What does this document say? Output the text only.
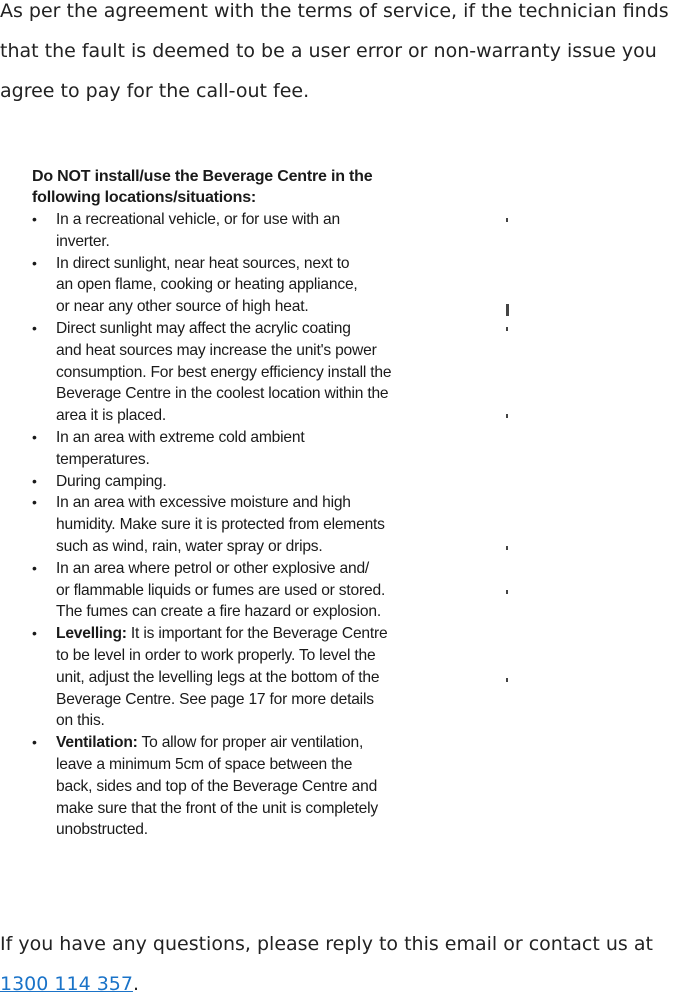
As per the agreement with the terms of service, if the technician finds that the fault is deemed to be a user error or non-warranty issue you agree to pay for the call-out fee.

Do NOT install/use the Beverage Centre in the
following locations/situations:
• In a recreational vehicle, or for use with an
inverter.
• In direct sunlight, near heat sources, next to
an open flame, cooking or heating appliance,
or near any other source of high heat.
• Direct sunlight may affect the acrylic coating
and heat sources may increase the unit's power
consumption. For best energy efficiency install the
Beverage Centre in the coolest location within the
area it is placed.
• In an area with extreme cold ambient
temperatures.
• During camping.
• In an area with excessive moisture and high
humidity. Make sure it is protected from elements
such as wind, rain, water spray or drips.
• In an area where petrol or other explosive and/
or flammable liquids or fumes are used or stored.
The fumes can create a fire hazard or explosion.
• Levelling: It is important for the Beverage Centre
to be level in order to work properly. To level the
unit, adjust the levelling legs at the bottom of the
Beverage Centre. See page 17 for more details
on this.
• Ventilation: To allow for proper air ventilation,
leave a minimum 5cm of space between the
back, sides and top of the Beverage Centre and
make sure that the front of the unit is completely
unobstructed.

If you have any questions, please reply to this email or contact us at 1300 114 357.
